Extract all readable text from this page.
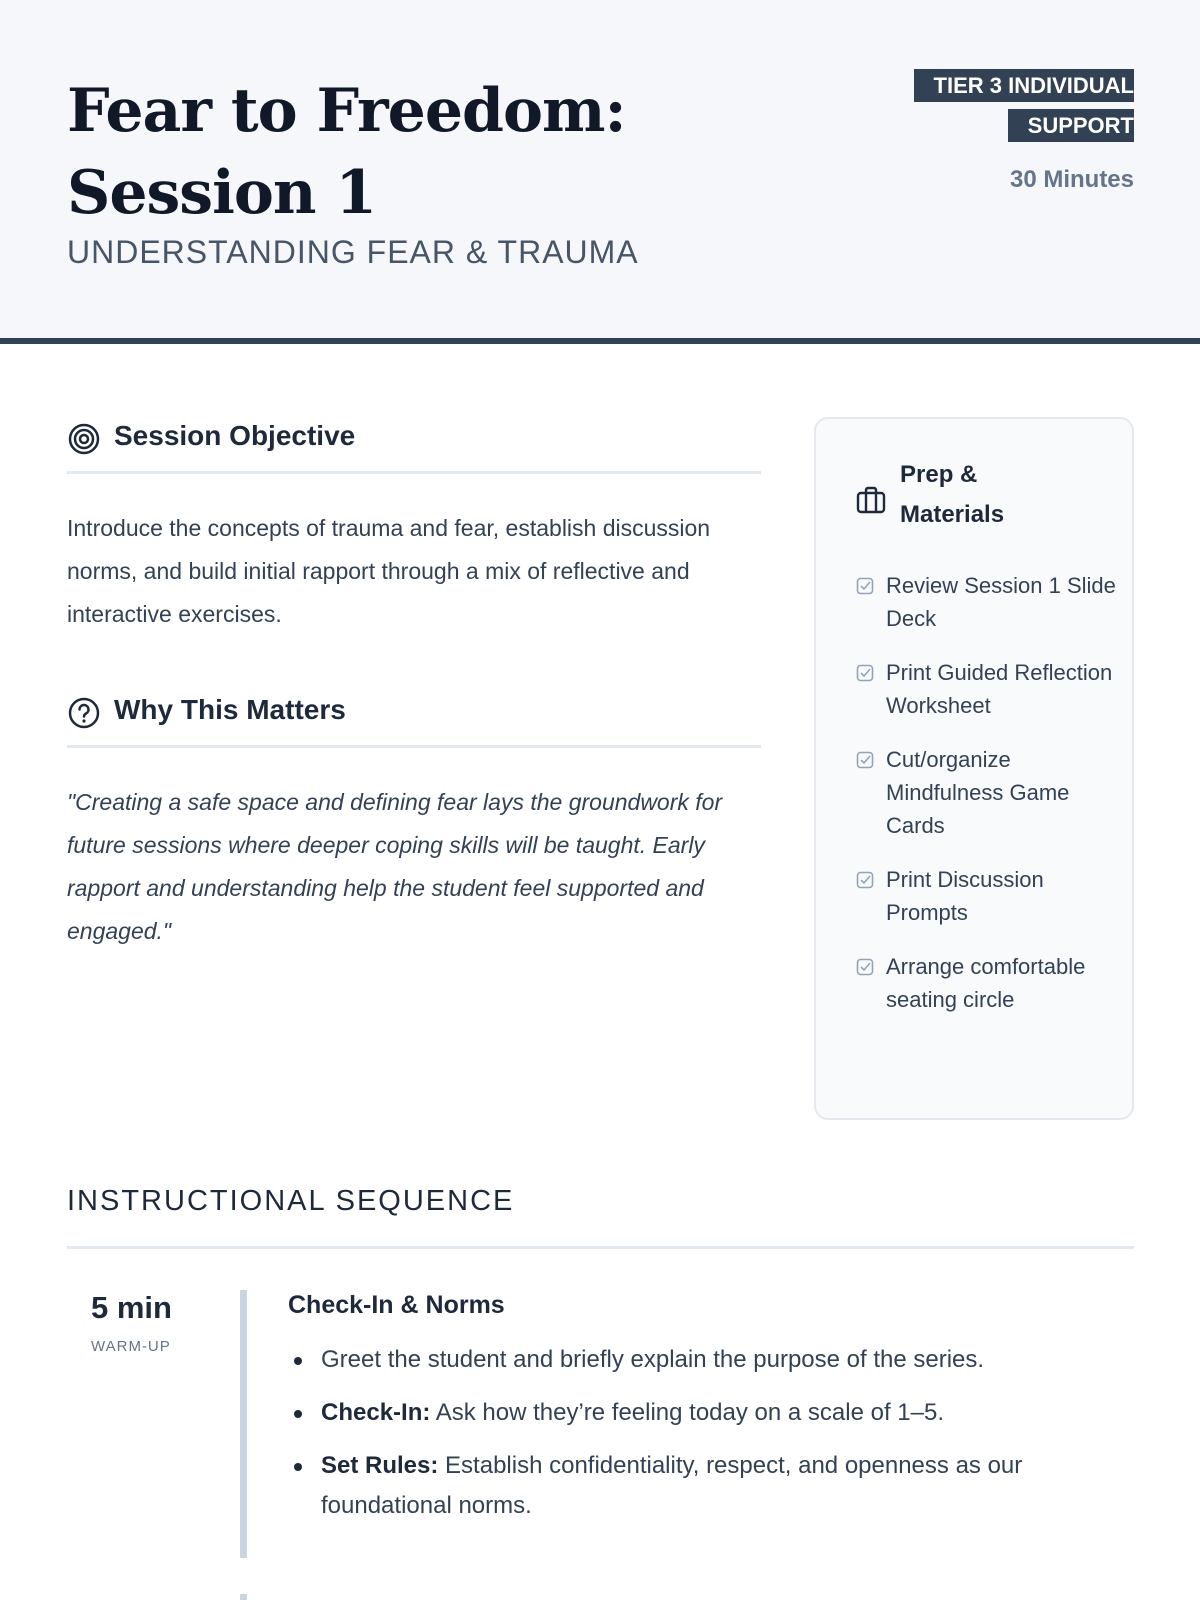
Fear to Freedom: Session 1
UNDERSTANDING FEAR & TRAUMA
TIER 3 INDIVIDUAL SUPPORT
30 Minutes
Session Objective

Introduce the concepts of trauma and fear, establish discussion norms, and build initial rapport through a mix of reflective and interactive exercises.

Why This Matters

"Creating a safe space and defining fear lays the groundwork for future sessions where deeper coping skills will be taught. Early rapport and understanding help the student feel supported and engaged."

Prep & Materials
Review Session 1 Slide Deck
Print Guided Reflection Worksheet
Cut/organize Mindfulness Game Cards
Print Discussion Prompts
Arrange comfortable seating circle
INSTRUCTIONAL SEQUENCE
5 min
WARM-UP
Check-In & Norms
Greet the student and briefly explain the purpose of the series.
Check-In: Ask how they’re feeling today on a scale of 1–5.
Set Rules: Establish confidentiality, respect, and openness as our foundational norms.
